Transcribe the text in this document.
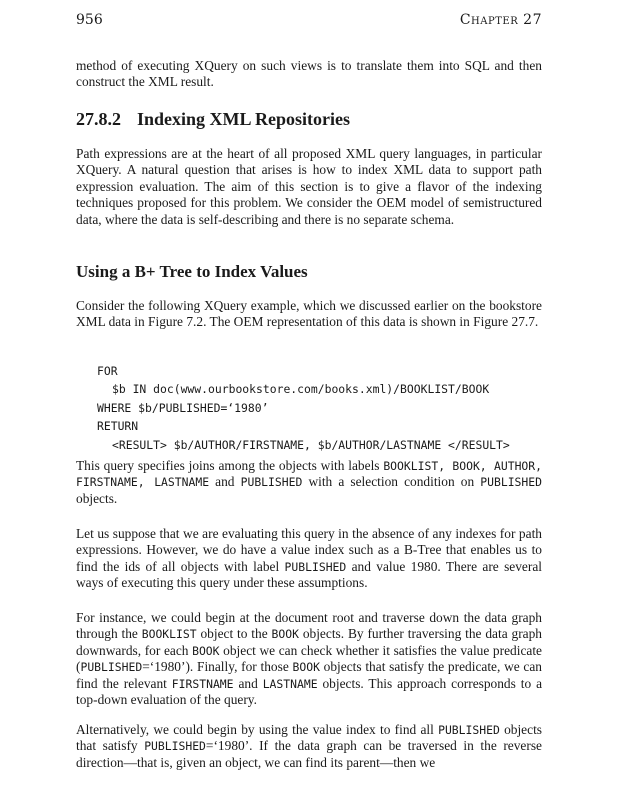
956	Chapter 27
method of executing XQuery on such views is to translate them into SQL and then construct the XML result.
27.8.2 Indexing XML Repositories
Path expressions are at the heart of all proposed XML query languages, in particular XQuery. A natural question that arises is how to index XML data to support path expression evaluation. The aim of this section is to give a flavor of the indexing techniques proposed for this problem. We consider the OEM model of semistructured data, where the data is self-describing and there is no separate schema.
Using a B+ Tree to Index Values
Consider the following XQuery example, which we discussed earlier on the bookstore XML data in Figure 7.2. The OEM representation of this data is shown in Figure 27.7.
FOR
$b IN doc(www.ourbookstore.com/books.xml)/BOOKLIST/BOOK
WHERE $b/PUBLISHED=‘1980’
RETURN
<RESULT> $b/AUTHOR/FIRSTNAME, $b/AUTHOR/LASTNAME </RESULT>
This query specifies joins among the objects with labels BOOKLIST, BOOK, AUTHOR, FIRSTNAME, LASTNAME and PUBLISHED with a selection condition on PUBLISHED objects.
Let us suppose that we are evaluating this query in the absence of any indexes for path expressions. However, we do have a value index such as a B-Tree that enables us to find the ids of all objects with label PUBLISHED and value 1980. There are several ways of executing this query under these assumptions.
For instance, we could begin at the document root and traverse down the data graph through the BOOKLIST object to the BOOK objects. By further traversing the data graph downwards, for each BOOK object we can check whether it satisfies the value predicate (PUBLISHED=‘1980’). Finally, for those BOOK objects that satisfy the predicate, we can find the relevant FIRSTNAME and LASTNAME objects. This approach corresponds to a top-down evaluation of the query.
Alternatively, we could begin by using the value index to find all PUBLISHED objects that satisfy PUBLISHED=‘1980’. If the data graph can be traversed in the reverse direction—that is, given an object, we can find its parent—then we
